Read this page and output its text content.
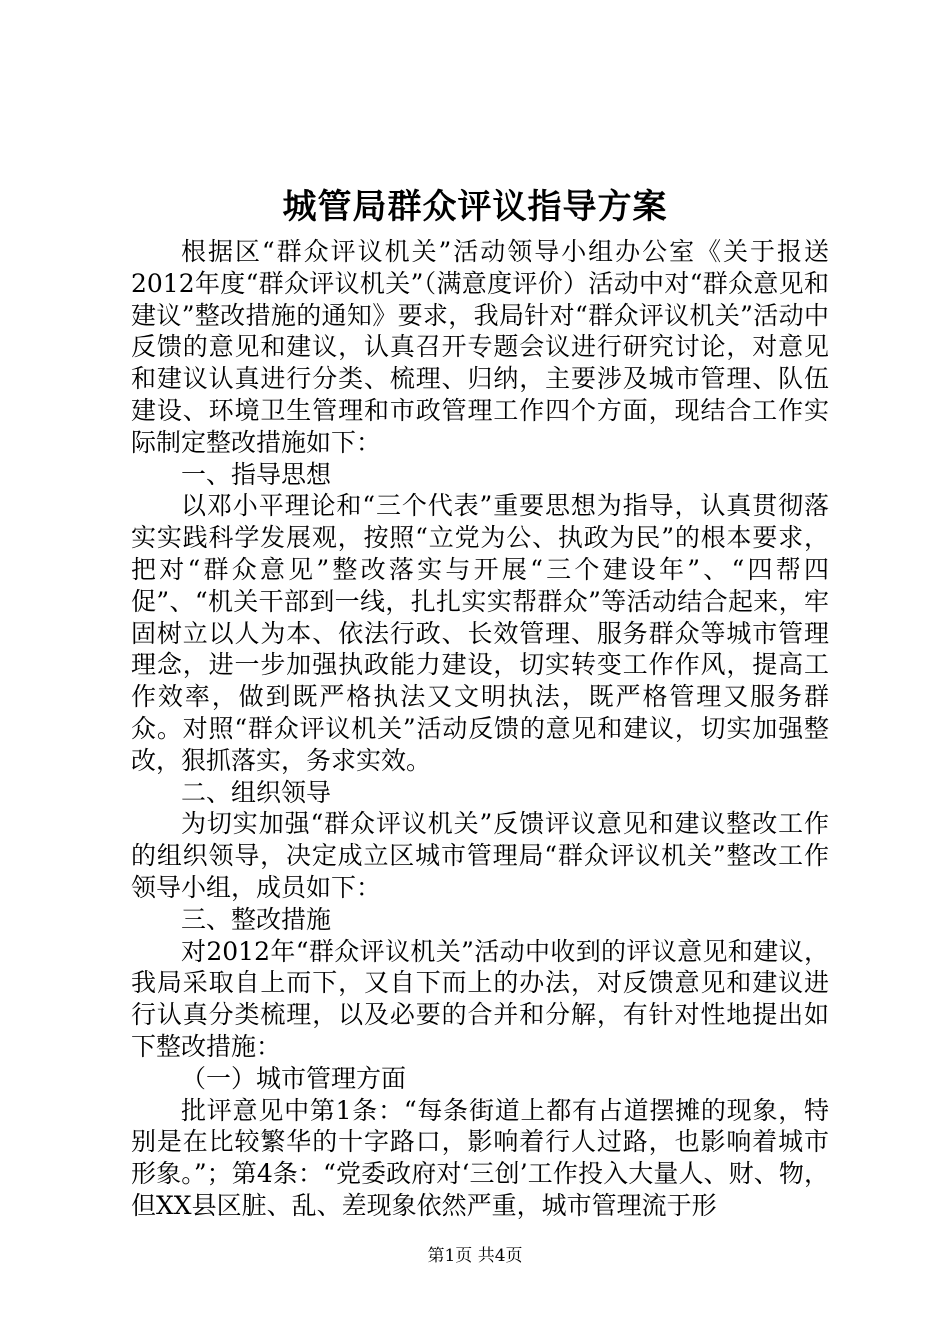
城管局群众评议指导方案

根据区“群众评议机关”活动领导小组办公室《关于报送2012年度“群众评议机关”（满意度评价）活动中对“群众意见和建议”整改措施的通知》要求，我局针对“群众评议机关”活动中反馈的意见和建议，认真召开专题会议进行研究讨论，对意见和建议认真进行分类、梳理、归纳，主要涉及城市管理、队伍建设、环境卫生管理和市政管理工作四个方面，现结合工作实际制定整改措施如下：

一、指导思想

以邓小平理论和“三个代表”重要思想为指导，认真贯彻落实实践科学发展观，按照“立党为公、执政为民”的根本要求，把对“群众意见”整改落实与开展“三个建设年”、“四帮四促”、“机关干部到一线，扎扎实实帮群众”等活动结合起来，牢固树立以人为本、依法行政、长效管理、服务群众等城市管理理念，进一步加强执政能力建设，切实转变工作作风，提高工作效率，做到既严格执法又文明执法，既严格管理又服务群众。对照“群众评议机关”活动反馈的意见和建议，切实加强整改，狠抓落实，务求实效。

二、组织领导

为切实加强“群众评议机关”反馈评议意见和建议整改工作的组织领导，决定成立区城市管理局“群众评议机关”整改工作领导小组，成员如下：

三、整改措施

对2012年“群众评议机关”活动中收到的评议意见和建议，我局采取自上而下，又自下而上的办法，对反馈意见和建议进行认真分类梳理，以及必要的合并和分解，有针对性地提出如下整改措施：

（一）城市管理方面

批评意见中第1条：“每条街道上都有占道摆摊的现象，特别是在比较繁华的十字路口，影响着行人过路，也影响着城市形象。”；第4条：“党委政府对‘三创’工作投入大量人、财、物，但XX县区脏、乱、差现象依然严重，城市管理流于形

第1页 共4页
